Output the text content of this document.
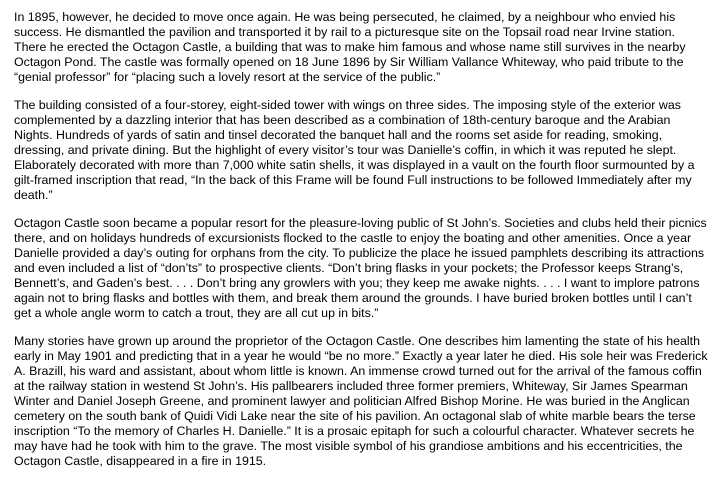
In 1895, however, he decided to move once again. He was being persecuted, he claimed, by a neighbour who envied his success. He dismantled the pavilion and transported it by rail to a picturesque site on the Topsail road near Irvine station. There he erected the Octagon Castle, a building that was to make him famous and whose name still survives in the nearby Octagon Pond. The castle was formally opened on 18 June 1896 by Sir William Vallance Whiteway, who paid tribute to the “genial professor” for “placing such a lovely resort at the service of the public.”

The building consisted of a four-storey, eight-sided tower with wings on three sides. The imposing style of the exterior was complemented by a dazzling interior that has been described as a combination of 18th-century baroque and the Arabian Nights. Hundreds of yards of satin and tinsel decorated the banquet hall and the rooms set aside for reading, smoking, dressing, and private dining. But the highlight of every visitor’s tour was Danielle’s coffin, in which it was reputed he slept. Elaborately decorated with more than 7,000 white satin shells, it was displayed in a vault on the fourth floor surmounted by a gilt-framed inscription that read, “In the back of this Frame will be found Full instructions to be followed Immediately after my death.”

Octagon Castle soon became a popular resort for the pleasure-loving public of St John’s. Societies and clubs held their picnics there, and on holidays hundreds of excursionists flocked to the castle to enjoy the boating and other amenities. Once a year Danielle provided a day’s outing for orphans from the city. To publicize the place he issued pamphlets describing its attractions and even included a list of “don’ts” to prospective clients. “Don’t bring flasks in your pockets; the Professor keeps Strang’s, Bennett’s, and Gaden’s best. . . . Don’t bring any growlers with you; they keep me awake nights. . . . I want to implore patrons again not to bring flasks and bottles with them, and break them around the grounds. I have buried broken bottles until I can’t get a whole angle worm to catch a trout, they are all cut up in bits.”

Many stories have grown up around the proprietor of the Octagon Castle. One describes him lamenting the state of his health early in May 1901 and predicting that in a year he would “be no more.” Exactly a year later he died. His sole heir was Frederick A. Brazill, his ward and assistant, about whom little is known. An immense crowd turned out for the arrival of the famous coffin at the railway station in westend St John’s. His pallbearers included three former premiers, Whiteway, Sir James Spearman Winter and Daniel Joseph Greene, and prominent lawyer and politician Alfred Bishop Morine. He was buried in the Anglican cemetery on the south bank of Quidi Vidi Lake near the site of his pavilion. An octagonal slab of white marble bears the terse inscription “To the memory of Charles H. Danielle.” It is a prosaic epitaph for such a colourful character. Whatever secrets he may have had he took with him to the grave. The most visible symbol of his grandiose ambitions and his eccentricities, the Octagon Castle, disappeared in a fire in 1915.
